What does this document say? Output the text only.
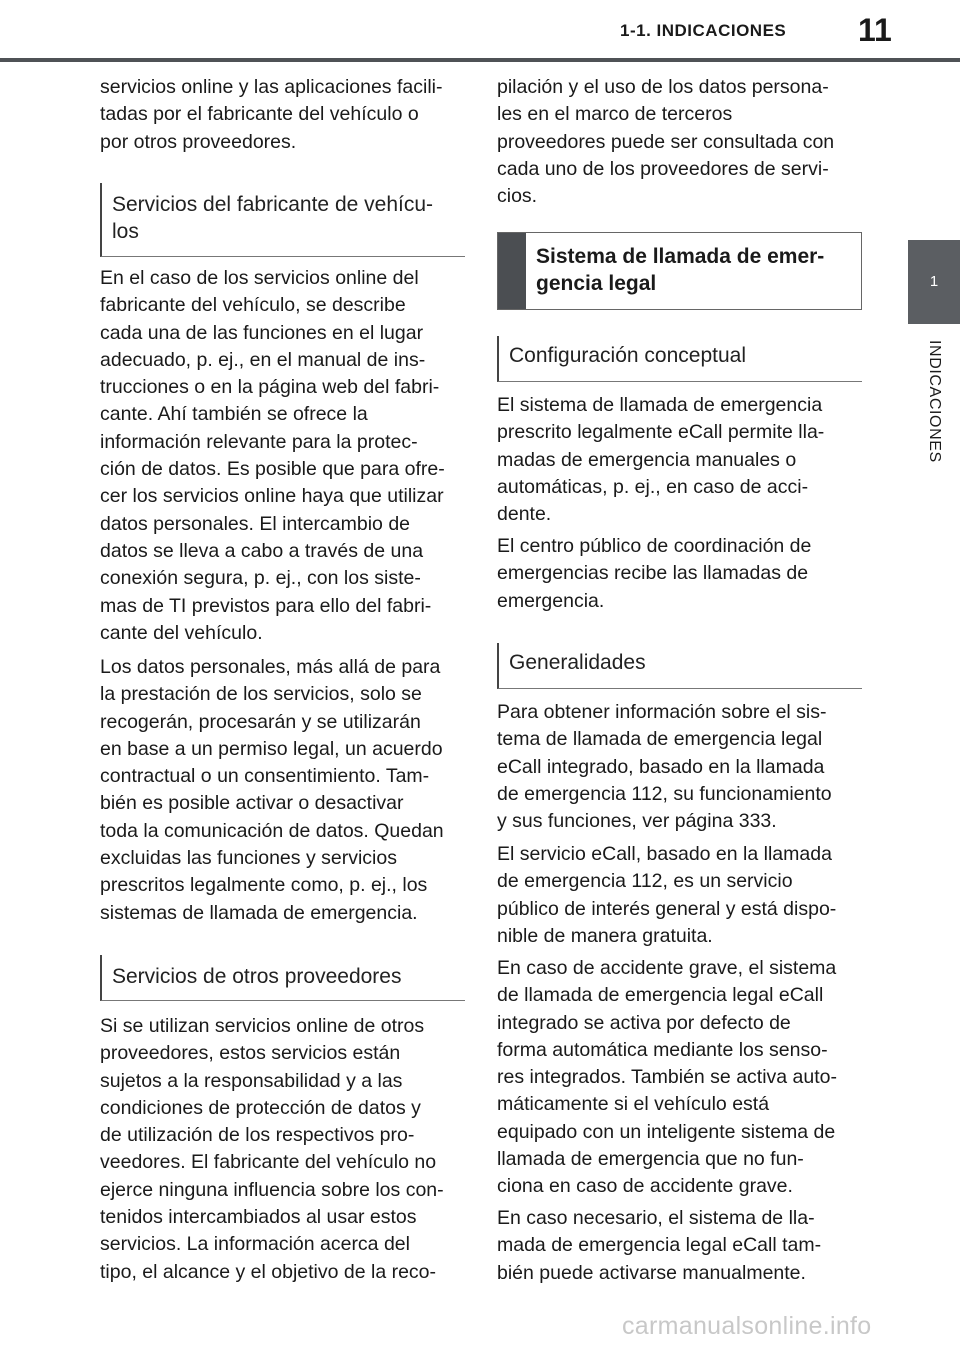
1-1. INDICACIONES 11
1
INDICACIONES

servicios online y las aplicaciones facili-
tadas por el fabricante del vehículo o
por otros proveedores.

Servicios del fabricante de vehícu-
los

En el caso de los servicios online del
fabricante del vehículo, se describe
cada una de las funciones en el lugar
adecuado, p. ej., en el manual de ins-
trucciones o en la página web del fabri-
cante. Ahí también se ofrece la
información relevante para la protec-
ción de datos. Es posible que para ofre-
cer los servicios online haya que utilizar
datos personales. El intercambio de
datos se lleva a cabo a través de una
conexión segura, p. ej., con los siste-
mas de TI previstos para ello del fabri-
cante del vehículo.

Los datos personales, más allá de para
la prestación de los servicios, solo se
recogerán, procesarán y se utilizarán
en base a un permiso legal, un acuerdo
contractual o un consentimiento. Tam-
bién es posible activar o desactivar
toda la comunicación de datos. Quedan
excluidas las funciones y servicios
prescritos legalmente como, p. ej., los
sistemas de llamada de emergencia.

Servicios de otros proveedores

Si se utilizan servicios online de otros
proveedores, estos servicios están
sujetos a la responsabilidad y a las
condiciones de protección de datos y
de utilización de los respectivos pro-
veedores. El fabricante del vehículo no
ejerce ninguna influencia sobre los con-
tenidos intercambiados al usar estos
servicios. La información acerca del
tipo, el alcance y el objetivo de la reco-

pilación y el uso de los datos persona-
les en el marco de terceros
proveedores puede ser consultada con
cada uno de los proveedores de servi-
cios.

Sistema de llamada de emer-
gencia legal
Configuración conceptual

El sistema de llamada de emergencia
prescrito legalmente eCall permite lla-
madas de emergencia manuales o
automáticas, p. ej., en caso de acci-
dente.

El centro público de coordinación de
emergencias recibe las llamadas de
emergencia.

Generalidades

Para obtener información sobre el sis-
tema de llamada de emergencia legal
eCall integrado, basado en la llamada
de emergencia 112, su funcionamiento
y sus funciones, ver página 333.

El servicio eCall, basado en la llamada
de emergencia 112, es un servicio
público de interés general y está dispo-
nible de manera gratuita.

En caso de accidente grave, el sistema
de llamada de emergencia legal eCall
integrado se activa por defecto de
forma automática mediante los senso-
res integrados. También se activa auto-
máticamente si el vehículo está
equipado con un inteligente sistema de
llamada de emergencia que no fun-
ciona en caso de accidente grave.

En caso necesario, el sistema de lla-
mada de emergencia legal eCall tam-
bién puede activarse manualmente.

carmanualsonline.info
